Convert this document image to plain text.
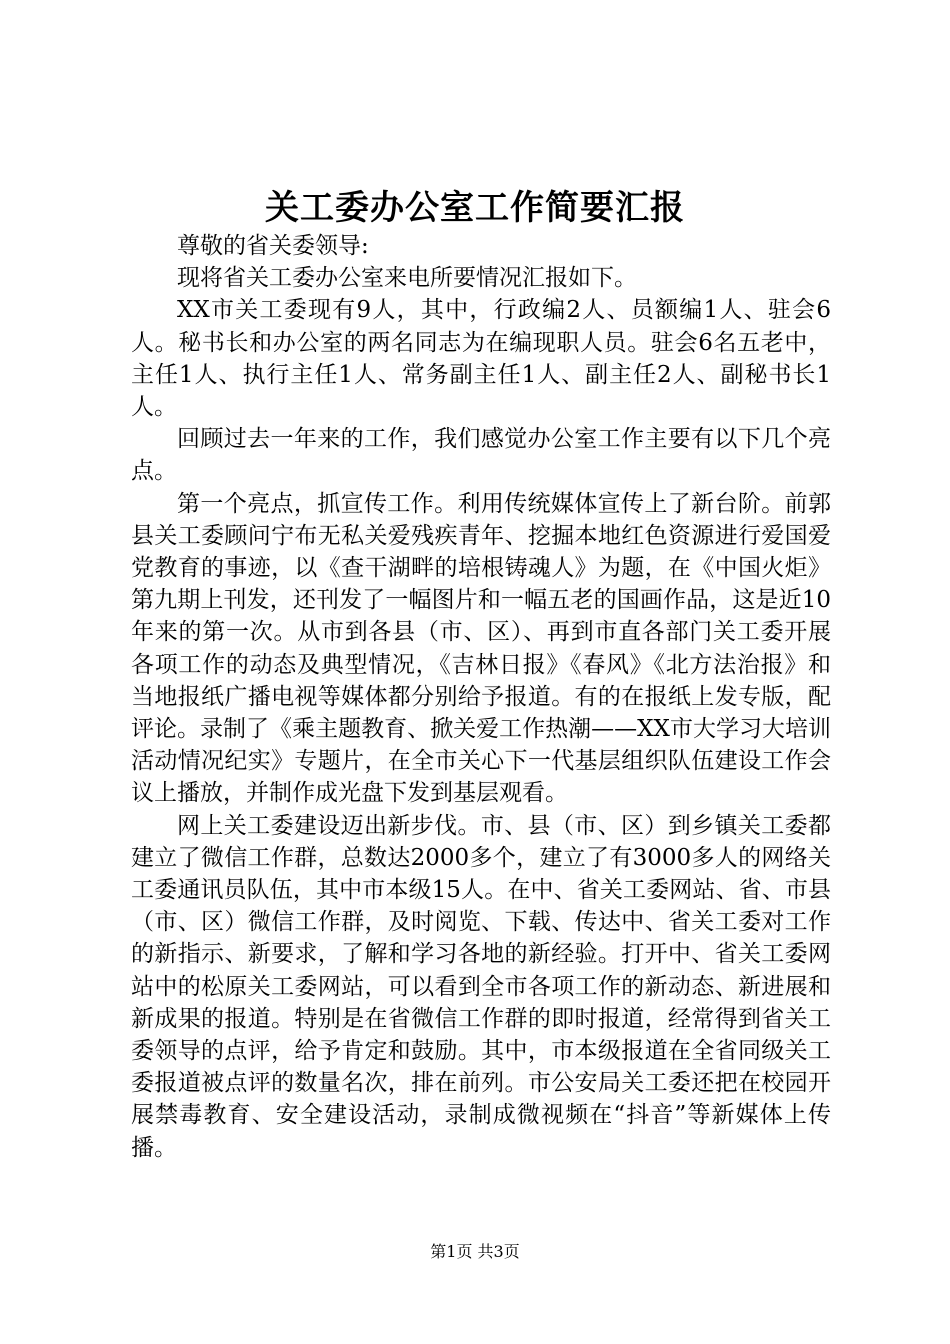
关工委办公室工作简要汇报

尊敬的省关委领导:

现将省关工委办公室来电所要情况汇报如下。

XX市关工委现有9人，其中，行政编2人、员额编1人、驻会6人。秘书长和办公室的两名同志为在编现职人员。驻会6名五老中，主任1人、执行主任1人、常务副主任1人、副主任2人、副秘书长1人。

回顾过去一年来的工作，我们感觉办公室工作主要有以下几个亮点。

第一个亮点，抓宣传工作。利用传统媒体宣传上了新台阶。前郭县关工委顾问宁布无私关爱残疾青年、挖掘本地红色资源进行爱国爱党教育的事迹，以《查干湖畔的培根铸魂人》为题，在《中国火炬》第九期上刊发，还刊发了一幅图片和一幅五老的国画作品，这是近10年来的第一次。从市到各县（市、区）、再到市直各部门关工委开展各项工作的动态及典型情况，《吉林日报》《春风》《北方法治报》和当地报纸广播电视等媒体都分别给予报道。有的在报纸上发专版，配评论。录制了《乘主题教育、掀关爱工作热潮——XX市大学习大培训活动情况纪实》专题片，在全市关心下一代基层组织队伍建设工作会议上播放，并制作成光盘下发到基层观看。

网上关工委建设迈出新步伐。市、县（市、区）到乡镇关工委都建立了微信工作群，总数达2000多个，建立了有3000多人的网络关工委通讯员队伍，其中市本级15人。在中、省关工委网站、省、市县（市、区）微信工作群，及时阅览、下载、传达中、省关工委对工作的新指示、新要求，了解和学习各地的新经验。打开中、省关工委网站中的松原关工委网站，可以看到全市各项工作的新动态、新进展和新成果的报道。特别是在省微信工作群的即时报道，经常得到省关工委领导的点评，给予肯定和鼓励。其中，市本级报道在全省同级关工委报道被点评的数量名次，排在前列。市公安局关工委还把在校园开展禁毒教育、安全建设活动，录制成微视频在“抖音”等新媒体上传播。

第1页 共3页
